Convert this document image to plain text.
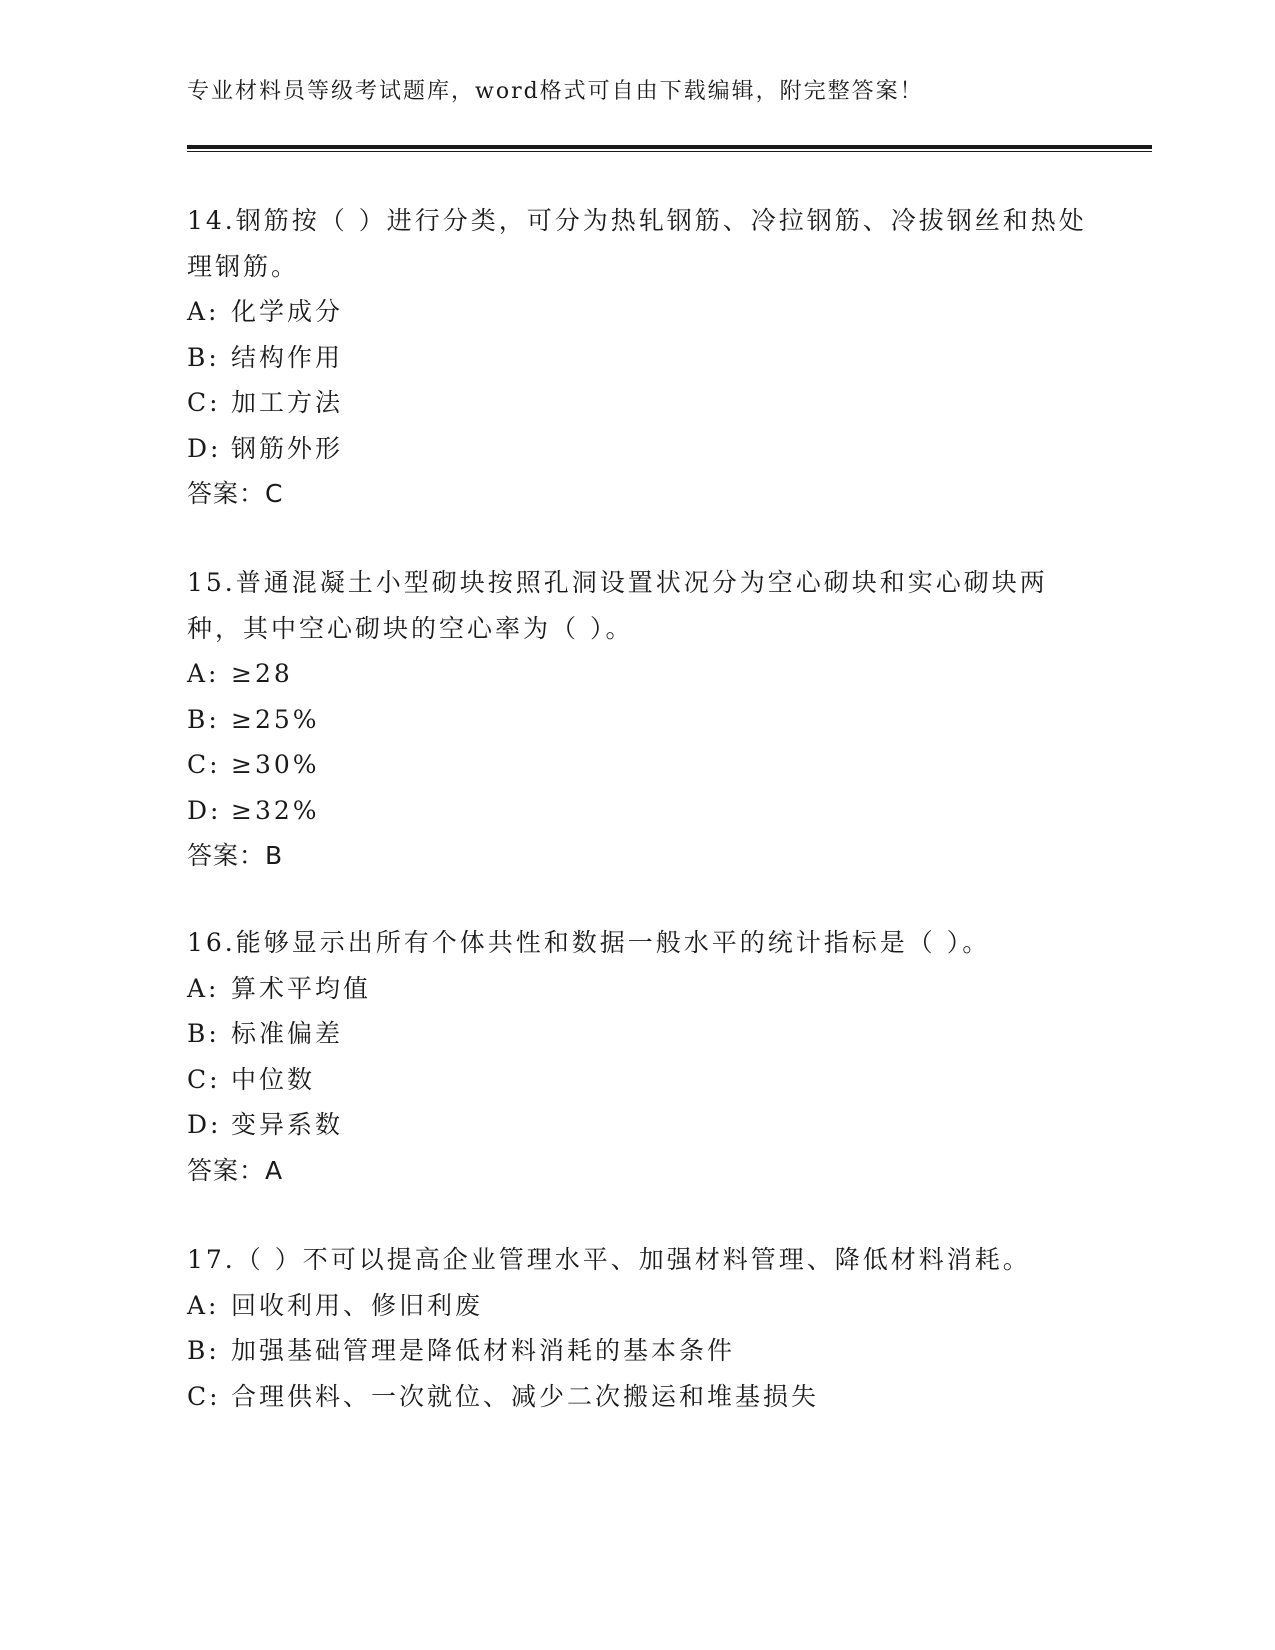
专业材料员等级考试题库，word格式可自由下载编辑，附完整答案！
14.钢筋按（ ）进行分类，可分为热轧钢筋、冷拉钢筋、冷拔钢丝和热处理钢筋。
A: 化学成分
B: 结构作用
C: 加工方法
D: 钢筋外形
答案：C
15.普通混凝土小型砌块按照孔洞设置状况分为空心砌块和实心砌块两种，其中空心砌块的空心率为（ ）。
A: ≥28
B: ≥25%
C: ≥30%
D: ≥32%
答案：B
16.能够显示出所有个体共性和数据一般水平的统计指标是（ ）。
A: 算术平均值
B: 标准偏差
C: 中位数
D: 变异系数
答案：A
17.（ ）不可以提高企业管理水平、加强材料管理、降低材料消耗。
A: 回收利用、修旧利废
B: 加强基础管理是降低材料消耗的基本条件
C: 合理供料、一次就位、减少二次搬运和堆基损失
